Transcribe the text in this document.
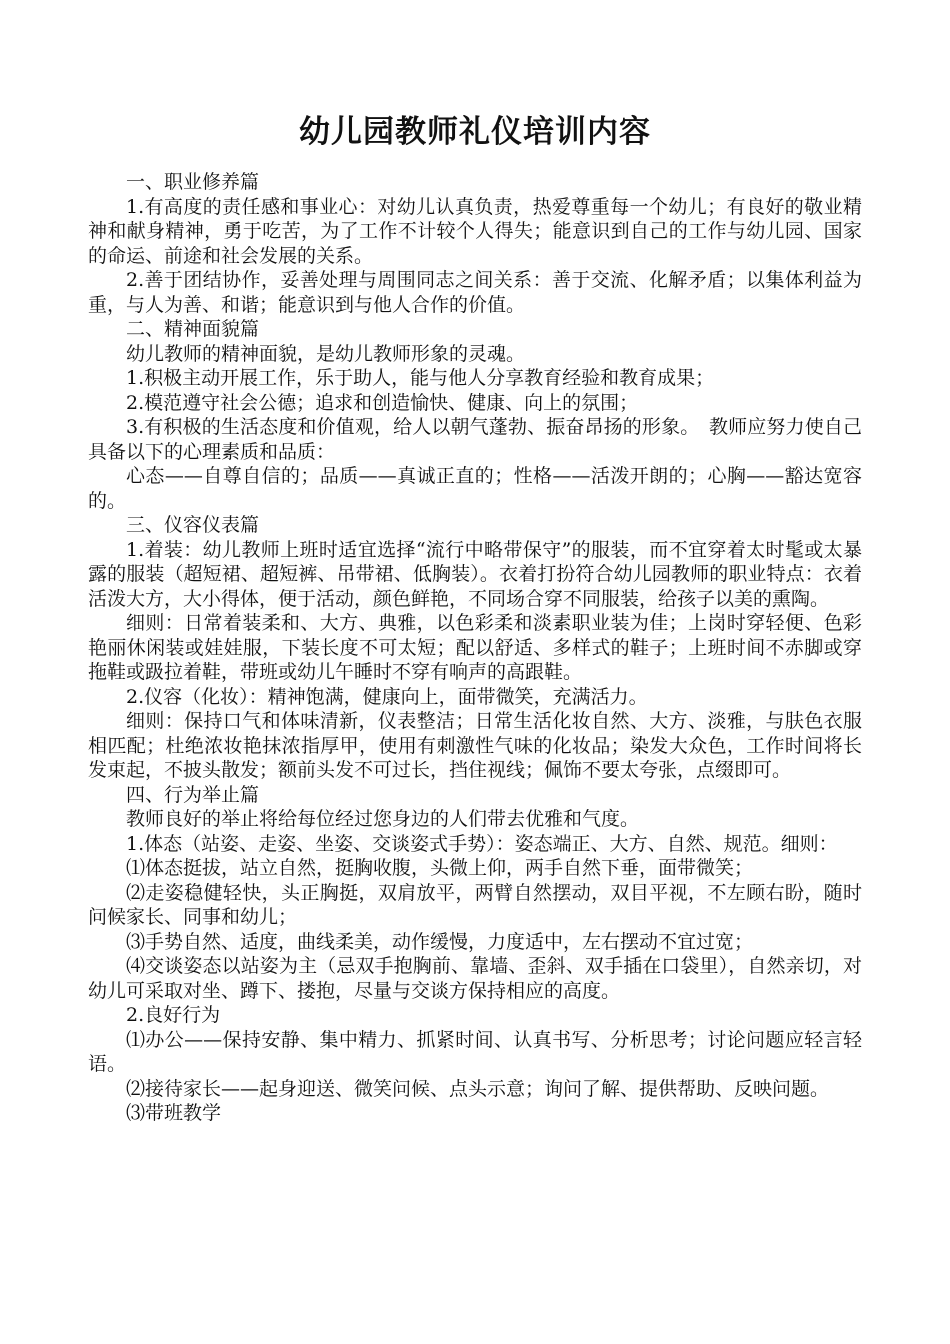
幼儿园教师礼仪培训内容

一、职业修养篇

1.有高度的责任感和事业心：对幼儿认真负责，热爱尊重每一个幼儿；有良好的敬业精神和献身精神，勇于吃苦，为了工作不计较个人得失；能意识到自己的工作与幼儿园、国家的命运、前途和社会发展的关系。

2.善于团结协作，妥善处理与周围同志之间关系：善于交流、化解矛盾；以集体利益为重，与人为善、和谐；能意识到与他人合作的价值。

二、精神面貌篇

幼儿教师的精神面貌，是幼儿教师形象的灵魂。

1.积极主动开展工作，乐于助人，能与他人分享教育经验和教育成果；

2.模范遵守社会公德；追求和创造愉快、健康、向上的氛围；

3.有积极的生活态度和价值观，给人以朝气蓬勃、振奋昂扬的形象。　教师应努力使自己具备以下的心理素质和品质：

心态——自尊自信的；品质——真诚正直的；性格——活泼开朗的；心胸——豁达宽容的。

三、仪容仪表篇

1.着装：幼儿教师上班时适宜选择“流行中略带保守”的服装，而不宜穿着太时髦或太暴露的服装（超短裙、超短裤、吊带裙、低胸装）。衣着打扮符合幼儿园教师的职业特点：衣着活泼大方，大小得体，便于活动，颜色鲜艳，不同场合穿不同服装，给孩子以美的熏陶。

细则：日常着装柔和、大方、典雅，以色彩柔和淡素职业装为佳；上岗时穿轻便、色彩艳丽休闲装或娃娃服，下装长度不可太短；配以舒适、多样式的鞋子；上班时间不赤脚或穿拖鞋或趿拉着鞋，带班或幼儿午睡时不穿有响声的高跟鞋。

2.仪容（化妆）：精神饱满，健康向上，面带微笑，充满活力。

细则：保持口气和体味清新，仪表整洁；日常生活化妆自然、大方、淡雅，与肤色衣服相匹配；杜绝浓妆艳抹浓指厚甲，使用有刺激性气味的化妆品；染发大众色，工作时间将长发束起，不披头散发；额前头发不可过长，挡住视线；佩饰不要太夸张，点缀即可。

四、行为举止篇

教师良好的举止将给每位经过您身边的人们带去优雅和气度。

1.体态（站姿、走姿、坐姿、交谈姿式手势）：姿态端正、大方、自然、规范。细则：

⑴体态挺拔，站立自然，挺胸收腹，头微上仰，两手自然下垂，面带微笑；

⑵走姿稳健轻快，头正胸挺，双肩放平，两臂自然摆动，双目平视，不左顾右盼，随时问候家长、同事和幼儿；

⑶手势自然、适度，曲线柔美，动作缓慢，力度适中，左右摆动不宜过宽；

⑷交谈姿态以站姿为主（忌双手抱胸前、靠墙、歪斜、双手插在口袋里），自然亲切，对幼儿可采取对坐、蹲下、搂抱，尽量与交谈方保持相应的高度。

2.良好行为

⑴办公——保持安静、集中精力、抓紧时间、认真书写、分析思考；讨论问题应轻言轻语。

⑵接待家长——起身迎送、微笑问候、点头示意；询问了解、提供帮助、反映问题。

⑶带班教学
